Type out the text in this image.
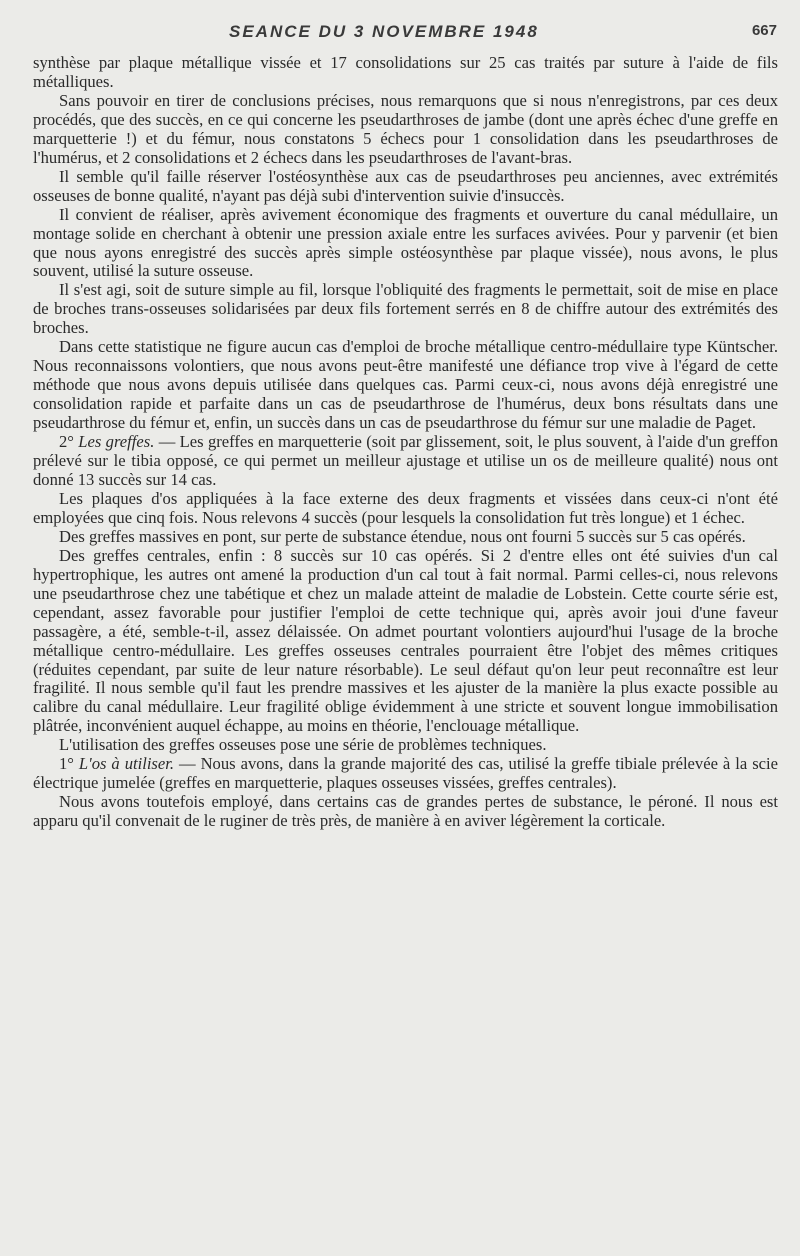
SEANCE DU 3 NOVEMBRE 1948	667

synthèse par plaque métallique vissée et 17 consolidations sur 25 cas traités par suture à l'aide de fils métalliques.

Sans pouvoir en tirer de conclusions précises, nous remarquons que si nous n'enregistrons, par ces deux procédés, que des succès, en ce qui concerne les pseudarthroses de jambe (dont une après échec d'une greffe en marquetterie !) et du fémur, nous constatons 5 échecs pour 1 consolidation dans les pseudarthroses de l'humérus, et 2 consolidations et 2 échecs dans les pseudarthroses de l'avant-bras.

Il semble qu'il faille réserver l'ostéosynthèse aux cas de pseudarthroses peu anciennes, avec extrémités osseuses de bonne qualité, n'ayant pas déjà subi d'intervention suivie d'insuccès.

Il convient de réaliser, après avivement économique des fragments et ouverture du canal médullaire, un montage solide en cherchant à obtenir une pression axiale entre les surfaces avivées. Pour y parvenir (et bien que nous ayons enregistré des succès après simple ostéosynthèse par plaque vissée), nous avons, le plus souvent, utilisé la suture osseuse.

Il s'est agi, soit de suture simple au fil, lorsque l'obliquité des fragments le permettait, soit de mise en place de broches trans-osseuses solidarisées par deux fils fortement serrés en 8 de chiffre autour des extrémités des broches.

Dans cette statistique ne figure aucun cas d'emploi de broche métallique centro-médullaire type Küntscher. Nous reconnaissons volontiers, que nous avons peut-être manifesté une défiance trop vive à l'égard de cette méthode que nous avons depuis utilisée dans quelques cas. Parmi ceux-ci, nous avons déjà enregistré une consolidation rapide et parfaite dans un cas de pseudarthrose de l'humérus, deux bons résultats dans une pseudarthrose du fémur et, enfin, un succès dans un cas de pseudarthrose du fémur sur une maladie de Paget.

2° Les greffes. — Les greffes en marquetterie (soit par glissement, soit, le plus souvent, à l'aide d'un greffon prélevé sur le tibia opposé, ce qui permet un meilleur ajustage et utilise un os de meilleure qualité) nous ont donné 13 succès sur 14 cas.

Les plaques d'os appliquées à la face externe des deux fragments et vissées dans ceux-ci n'ont été employées que cinq fois. Nous relevons 4 succès (pour lesquels la consolidation fut très longue) et 1 échec.

Des greffes massives en pont, sur perte de substance étendue, nous ont fourni 5 succès sur 5 cas opérés.

Des greffes centrales, enfin : 8 succès sur 10 cas opérés. Si 2 d'entre elles ont été suivies d'un cal hypertrophique, les autres ont amené la production d'un cal tout à fait normal. Parmi celles-ci, nous relevons une pseudarthrose chez une tabétique et chez un malade atteint de maladie de Lobstein. Cette courte série est, cependant, assez favorable pour justifier l'emploi de cette technique qui, après avoir joui d'une faveur passagère, a été, semble-t-il, assez délaissée. On admet pourtant volontiers aujourd'hui l'usage de la broche métallique centro-médullaire. Les greffes osseuses centrales pourraient être l'objet des mêmes critiques (réduites cependant, par suite de leur nature résorbable). Le seul défaut qu'on leur peut reconnaître est leur fragilité. Il nous semble qu'il faut les prendre massives et les ajuster de la manière la plus exacte possible au calibre du canal médullaire. Leur fragilité oblige évidemment à une stricte et souvent longue immobilisation plâtrée, inconvénient auquel échappe, au moins en théorie, l'enclouage métallique.

L'utilisation des greffes osseuses pose une série de problèmes techniques.

1° L'os à utiliser. — Nous avons, dans la grande majorité des cas, utilisé la greffe tibiale prélevée à la scie électrique jumelée (greffes en marquetterie, plaques osseuses vissées, greffes centrales).

Nous avons toutefois employé, dans certains cas de grandes pertes de substance, le péroné. Il nous est apparu qu'il convenait de le ruginer de très près, de manière à en aviver légèrement la corticale.
